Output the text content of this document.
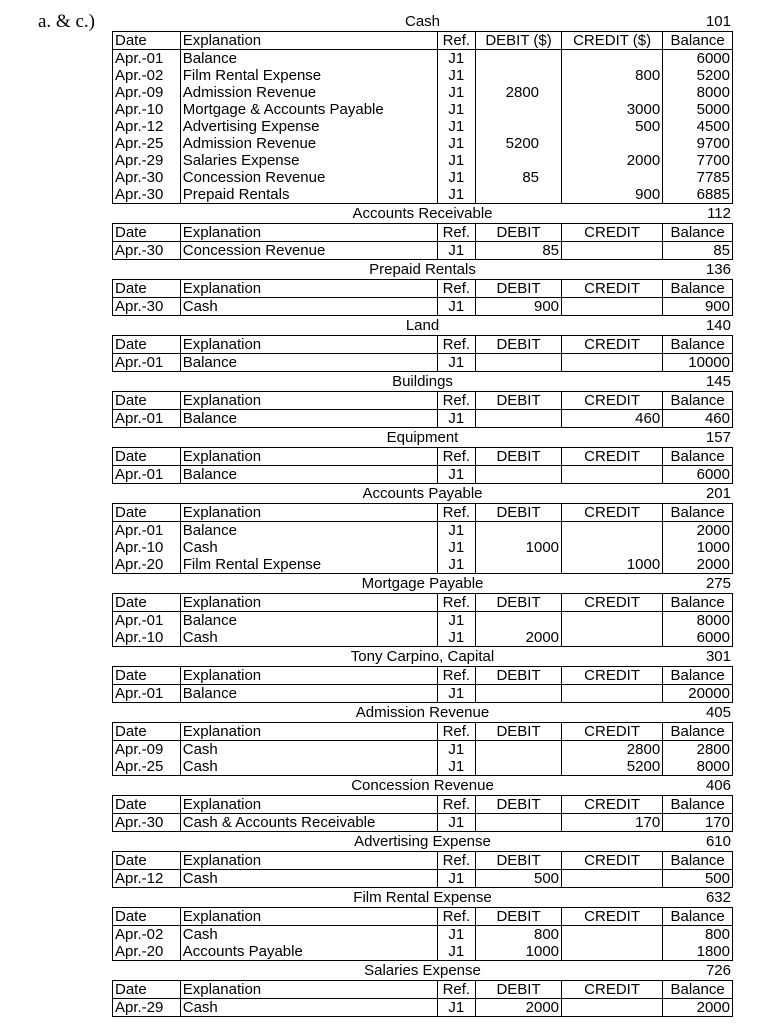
a. & c.)	Cash	101
Date	Explanation	Ref.	DEBIT ($)	CREDIT ($)	Balance
Apr.-01	Balance	J1			6000
Apr.-02	Film Rental Expense	J1		800	5200
Apr.-09	Admission Revenue	J1	2800		8000
Apr.-10	Mortgage & Accounts Payable	J1		3000	5000
Apr.-12	Advertising Expense	J1		500	4500
Apr.-25	Admission Revenue	J1	5200		9700
Apr.-29	Salaries Expense	J1		2000	7700
Apr.-30	Concession Revenue	J1	85		7785
Apr.-30	Prepaid Rentals	J1		900	6885
Accounts Receivable	112
Date	Explanation	Ref.	DEBIT	CREDIT	Balance
Apr.-30	Concession Revenue	J1	85		85
Prepaid Rentals	136
Date	Explanation	Ref.	DEBIT	CREDIT	Balance
Apr.-30	Cash	J1	900		900
Land	140
Date	Explanation	Ref.	DEBIT	CREDIT	Balance
Apr.-01	Balance	J1			10000
Buildings	145
Date	Explanation	Ref.	DEBIT	CREDIT	Balance
Apr.-01	Balance	J1		460	460
Equipment	157
Date	Explanation	Ref.	DEBIT	CREDIT	Balance
Apr.-01	Balance	J1			6000
Accounts Payable	201
Date	Explanation	Ref.	DEBIT	CREDIT	Balance
Apr.-01	Balance	J1			2000
Apr.-10	Cash	J1	1000		1000
Apr.-20	Film Rental Expense	J1		1000	2000
Mortgage Payable	275
Date	Explanation	Ref.	DEBIT	CREDIT	Balance
Apr.-01	Balance	J1			8000
Apr.-10	Cash	J1	2000		6000
Tony Carpino, Capital	301
Date	Explanation	Ref.	DEBIT	CREDIT	Balance
Apr.-01	Balance	J1			20000
Admission Revenue	405
Date	Explanation	Ref.	DEBIT	CREDIT	Balance
Apr.-09	Cash	J1		2800	2800
Apr.-25	Cash	J1		5200	8000
Concession Revenue	406
Date	Explanation	Ref.	DEBIT	CREDIT	Balance
Apr.-30	Cash & Accounts Receivable	J1		170	170
Advertising Expense	610
Date	Explanation	Ref.	DEBIT	CREDIT	Balance
Apr.-12	Cash	J1	500		500
Film Rental Expense	632
Date	Explanation	Ref.	DEBIT	CREDIT	Balance
Apr.-02	Cash	J1	800		800
Apr.-20	Accounts Payable	J1	1000		1800
Salaries Expense	726
Date	Explanation	Ref.	DEBIT	CREDIT	Balance
Apr.-29	Cash	J1	2000		2000
